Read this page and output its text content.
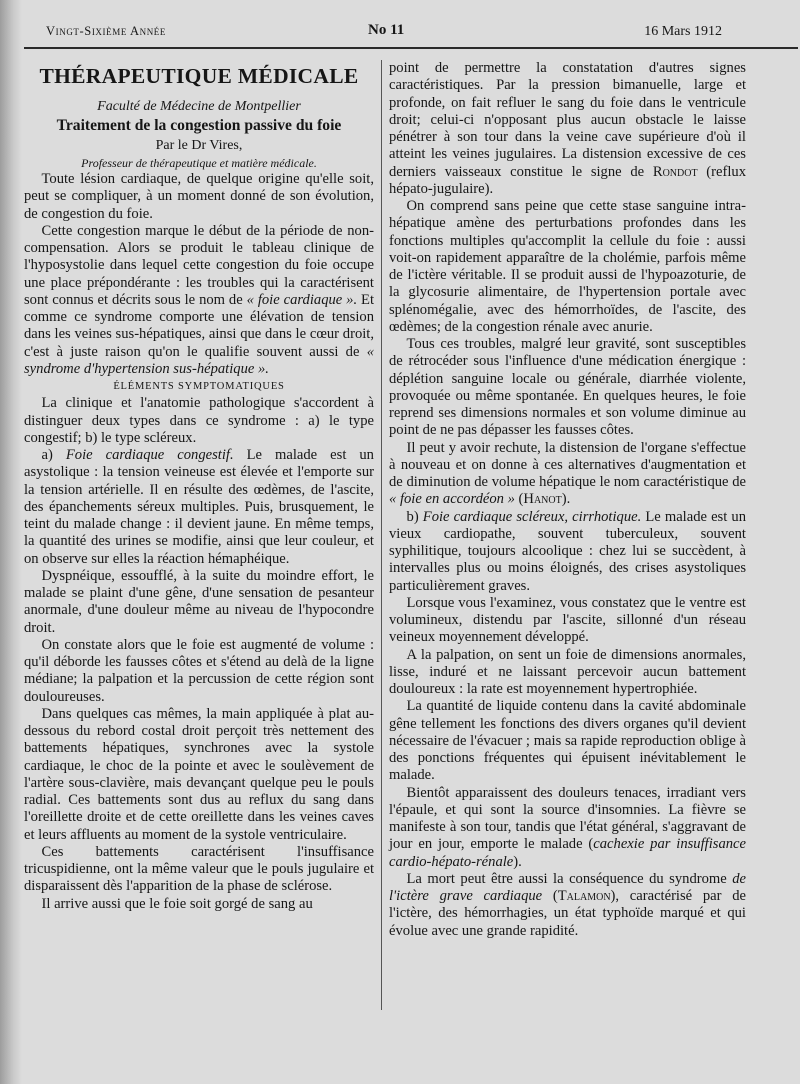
Vingt-Sixième Année	No 11	16 Mars 1912
THÉRAPEUTIQUE MÉDICALE

Faculté de Médecine de Montpellier

Traitement de la congestion passive du foie

Par le Dr Vires,

Professeur de thérapeutique et matière médicale.

Toute lésion cardiaque, de quelque origine qu'elle soit, peut se compliquer, à un moment donné de son évolution, de congestion du foie.

Cette congestion marque le début de la période de non-compensation. Alors se produit le tableau clinique de l'hyposystolie dans lequel cette congestion du foie occupe une place prépondérante : les troubles qui la caractérisent sont connus et décrits sous le nom de « foie cardiaque ». Et comme ce syndrome comporte une élévation de tension dans les veines sus-hépatiques, ainsi que dans le cœur droit, c'est à juste raison qu'on le qualifie souvent aussi de « syndrome d'hypertension sus-hépatique ».

ÉLÉMENTS SYMPTOMATIQUES

La clinique et l'anatomie pathologique s'accordent à distinguer deux types dans ce syndrome : a) le type congestif; b) le type scléreux.

a) Foie cardiaque congestif. Le malade est un asystolique : la tension veineuse est élevée et l'emporte sur la tension artérielle. Il en résulte des œdèmes, de l'ascite, des épanchements séreux multiples. Puis, brusquement, le teint du malade change : il devient jaune. En même temps, la quantité des urines se modifie, ainsi que leur couleur, et on observe sur elles la réaction hémaphéique.

Dyspnéique, essoufflé, à la suite du moindre effort, le malade se plaint d'une gêne, d'une sensation de pesanteur anormale, d'une douleur même au niveau de l'hypocondre droit.

On constate alors que le foie est augmenté de volume : qu'il déborde les fausses côtes et s'étend au delà de la ligne médiane; la palpation et la percussion de cette région sont douloureuses.

Dans quelques cas mêmes, la main appliquée à plat au-dessous du rebord costal droit perçoit très nettement des battements hépatiques, synchrones avec la systole cardiaque, le choc de la pointe et avec le soulèvement de l'artère sous-clavière, mais devançant quelque peu le pouls radial. Ces battements sont dus au reflux du sang dans l'oreillette droite et de cette oreillette dans les veines caves et leurs affluents au moment de la systole ventriculaire.

Ces battements caractérisent l'insuffisance tricuspidienne, ont la même valeur que le pouls jugulaire et disparaissent dès l'apparition de la phase de sclérose.

Il arrive aussi que le foie soit gorgé de sang au

point de permettre la constatation d'autres signes caractéristiques. Par la pression bimanuelle, large et profonde, on fait refluer le sang du foie dans le ventricule droit; celui-ci n'opposant plus aucun obstacle le laisse pénétrer à son tour dans la veine cave supérieure d'où il atteint les veines jugulaires. La distension excessive de ces derniers vaisseaux constitue le signe de Rondot (reflux hépato-jugulaire).

On comprend sans peine que cette stase sanguine intra-hépatique amène des perturbations profondes dans les fonctions multiples qu'accomplit la cellule du foie : aussi voit-on rapidement apparaître de la cholémie, parfois même de l'ictère véritable. Il se produit aussi de l'hypoazoturie, de la glycosurie alimentaire, de l'hypertension portale avec splénomégalie, avec des hémorrhoïdes, de l'ascite, des œdèmes; de la congestion rénale avec anurie.

Tous ces troubles, malgré leur gravité, sont susceptibles de rétrocéder sous l'influence d'une médication énergique : déplétion sanguine locale ou générale, diarrhée violente, provoquée ou même spontanée. En quelques heures, le foie reprend ses dimensions normales et son volume diminue au point de ne pas dépasser les fausses côtes.

Il peut y avoir rechute, la distension de l'organe s'effectue à nouveau et on donne à ces alternatives d'augmentation et de diminution de volume hépatique le nom caractéristique de « foie en accordéon » (Hanot).

b) Foie cardiaque scléreux, cirrhotique. Le malade est un vieux cardiopathe, souvent tuberculeux, souvent syphilitique, toujours alcoolique : chez lui se succèdent, à intervalles plus ou moins éloignés, des crises asystoliques particulièrement graves.

Lorsque vous l'examinez, vous constatez que le ventre est volumineux, distendu par l'ascite, sillonné d'un réseau veineux moyennement développé.

A la palpation, on sent un foie de dimensions anormales, lisse, induré et ne laissant percevoir aucun battement douloureux : la rate est moyennement hypertrophiée.

La quantité de liquide contenu dans la cavité abdominale gêne tellement les fonctions des divers organes qu'il devient nécessaire de l'évacuer ; mais sa rapide reproduction oblige à des ponctions fréquentes qui épuisent inévitablement le malade.

Bientôt apparaissent des douleurs tenaces, irradiant vers l'épaule, et qui sont la source d'insomnies. La fièvre se manifeste à son tour, tandis que l'état général, s'aggravant de jour en jour, emporte le malade (cachexie par insuffisance cardio-hépato-rénale).

La mort peut être aussi la conséquence du syndrome de l'ictère grave cardiaque (Talamon), caractérisé par de l'ictère, des hémorrhagies, un état typhoïde marqué et qui évolue avec une grande rapidité.
